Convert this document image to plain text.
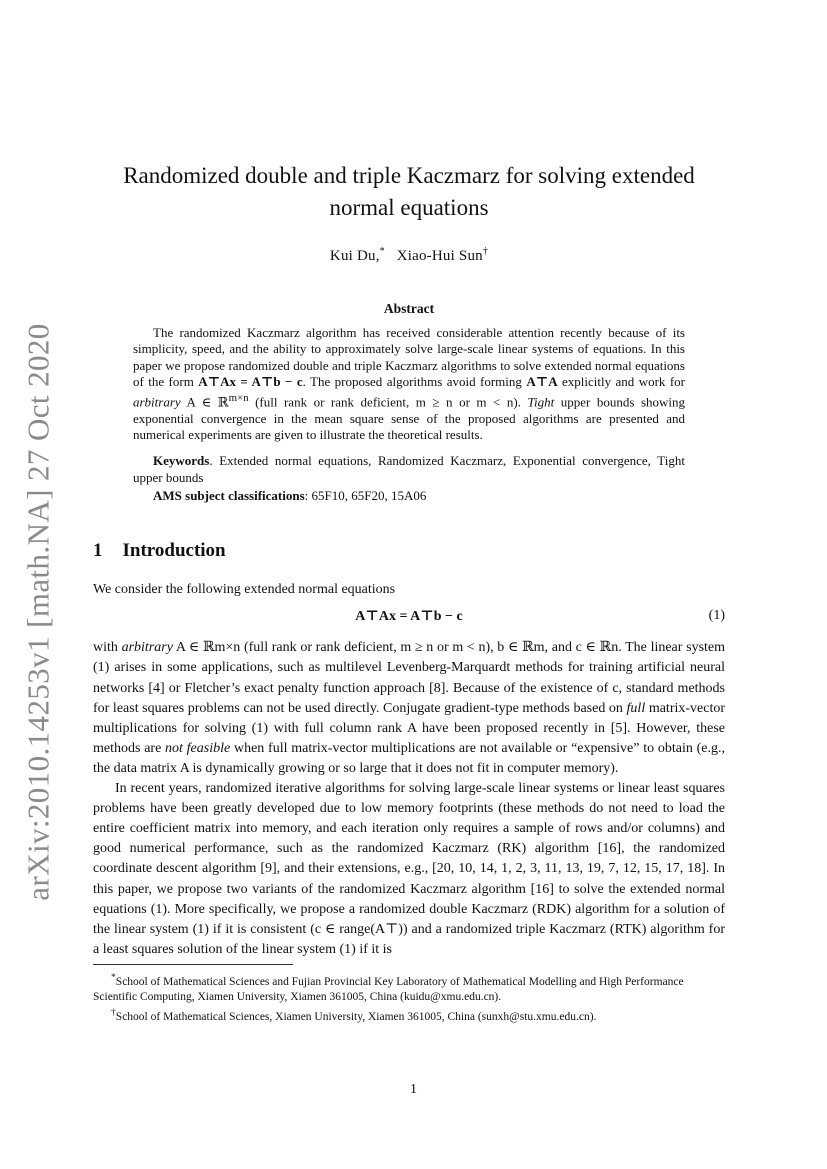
arXiv:2010.14253v1 [math.NA] 27 Oct 2020
Randomized double and triple Kaczmarz for solving extended
normal equations
Kui Du,* Xiao-Hui Sun†
Abstract

The randomized Kaczmarz algorithm has received considerable attention recently because of its simplicity, speed, and the ability to approximately solve large-scale linear systems of equations. In this paper we propose randomized double and triple Kaczmarz algorithms to solve extended normal equations of the form A⊤Ax = A⊤b − c. The proposed algorithms avoid forming A⊤A explicitly and work for arbitrary A ∈ ℝ$^{m\times n}$ (full rank or rank deficient, m ≥ n or m < n). Tight upper bounds showing exponential convergence in the mean square sense of the proposed algorithms are presented and numerical experiments are given to illustrate the theoretical results.

Keywords. Extended normal equations, Randomized Kaczmarz, Exponential convergence, Tight upper bounds

AMS subject classifications: 65F10, 65F20, 15A06

1 Introduction

We consider the following extended normal equations

A⊤Ax = A⊤b − c	(1)

with arbitrary A ∈ ℝm×n (full rank or rank deficient, m ≥ n or m < n), b ∈ ℝm, and c ∈ ℝn. The linear system (1) arises in some applications, such as multilevel Levenberg-Marquardt methods for training artificial neural networks [4] or Fletcher’s exact penalty function approach [8]. Because of the existence of c, standard methods for least squares problems can not be used directly. Conjugate gradient-type methods based on full matrix-vector multiplications for solving (1) with full column rank A have been proposed recently in [5]. However, these methods are not feasible when full matrix-vector multiplications are not available or “expensive” to obtain (e.g., the data matrix A is dynamically growing or so large that it does not fit in computer memory).

In recent years, randomized iterative algorithms for solving large-scale linear systems or linear least squares problems have been greatly developed due to low memory footprints (these methods do not need to load the entire coefficient matrix into memory, and each iteration only requires a sample of rows and/or columns) and good numerical performance, such as the randomized Kaczmarz (RK) algorithm [16], the randomized coordinate descent algorithm [9], and their extensions, e.g., [20, 10, 14, 1, 2, 3, 11, 13, 19, 7, 12, 15, 17, 18]. In this paper, we propose two variants of the randomized Kaczmarz algorithm [16] to solve the extended normal equations (1). More specifically, we propose a randomized double Kaczmarz (RDK) algorithm for a solution of the linear system (1) if it is consistent (c ∈ range(A⊤)) and a randomized triple Kaczmarz (RTK) algorithm for a least squares solution of the linear system (1) if it is

*School of Mathematical Sciences and Fujian Provincial Key Laboratory of Mathematical Modelling and High Performance Scientific Computing, Xiamen University, Xiamen 361005, China (kuidu@xmu.edu.cn).

†School of Mathematical Sciences, Xiamen University, Xiamen 361005, China (sunxh@stu.xmu.edu.cn).

1
